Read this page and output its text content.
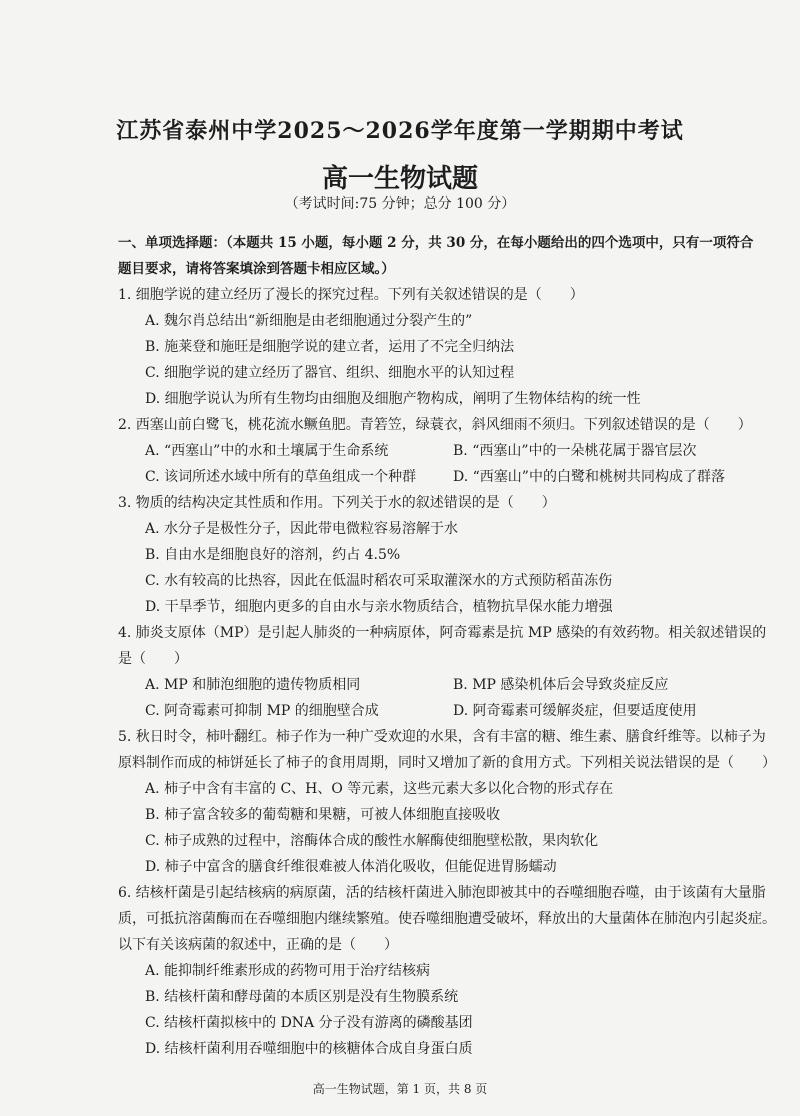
江苏省泰州中学2025～2026学年度第一学期期中考试
高一生物试题
（考试时间:75 分钟；总分 100 分）
一、单项选择题：（本题共 15 小题，每小题 2 分，共 30 分，在每小题给出的四个选项中，只有一项符合
题目要求，请将答案填涂到答题卡相应区域。）
1. 细胞学说的建立经历了漫长的探究过程。下列有关叙述错误的是（　　）
A. 魏尔肖总结出“新细胞是由老细胞通过分裂产生的”
B. 施莱登和施旺是细胞学说的建立者，运用了不完全归纳法
C. 细胞学说的建立经历了器官、组织、细胞水平的认知过程
D. 细胞学说认为所有生物均由细胞及细胞产物构成，阐明了生物体结构的统一性
2. 西塞山前白鹭飞，桃花流水鳜鱼肥。青箬笠，绿蓑衣，斜风细雨不须归。下列叙述错误的是（　　）
A. “西塞山”中的水和土壤属于生命系统	B. “西塞山”中的一朵桃花属于器官层次
C. 该词所述水域中所有的草鱼组成一个种群	D. “西塞山”中的白鹭和桃树共同构成了群落
3. 物质的结构决定其性质和作用。下列关于水的叙述错误的是（　　）
A. 水分子是极性分子，因此带电微粒容易溶解于水
B. 自由水是细胞良好的溶剂，约占 4.5%
C. 水有较高的比热容，因此在低温时稻农可采取灌深水的方式预防稻苗冻伤
D. 干旱季节，细胞内更多的自由水与亲水物质结合，植物抗旱保水能力增强
4. 肺炎支原体（MP）是引起人肺炎的一种病原体，阿奇霉素是抗 MP 感染的有效药物。相关叙述错误的
是（　　）
A. MP 和肺泡细胞的遗传物质相同	B. MP 感染机体后会导致炎症反应
C. 阿奇霉素可抑制 MP 的细胞壁合成	D. 阿奇霉素可缓解炎症，但要适度使用
5. 秋日时令，柿叶翻红。柿子作为一种广受欢迎的水果，含有丰富的糖、维生素、膳食纤维等。以柿子为
原料制作而成的柿饼延长了柿子的食用周期，同时又增加了新的食用方式。下列相关说法错误的是（　　）
A. 柿子中含有丰富的 C、H、O 等元素，这些元素大多以化合物的形式存在
B. 柿子富含较多的葡萄糖和果糖，可被人体细胞直接吸收
C. 柿子成熟的过程中，溶酶体合成的酸性水解酶使细胞壁松散，果肉软化
D. 柿子中富含的膳食纤维很难被人体消化吸收，但能促进胃肠蠕动
6. 结核杆菌是引起结核病的病原菌，活的结核杆菌进入肺泡即被其中的吞噬细胞吞噬，由于该菌有大量脂
质，可抵抗溶菌酶而在吞噬细胞内继续繁殖。使吞噬细胞遭受破坏，释放出的大量菌体在肺泡内引起炎症。
以下有关该病菌的叙述中，正确的是（　　）
A. 能抑制纤维素形成的药物可用于治疗结核病
B. 结核杆菌和酵母菌的本质区别是没有生物膜系统
C. 结核杆菌拟核中的 DNA 分子没有游离的磷酸基团
D. 结核杆菌利用吞噬细胞中的核糖体合成自身蛋白质
高一生物试题，第 1 页，共 8 页
